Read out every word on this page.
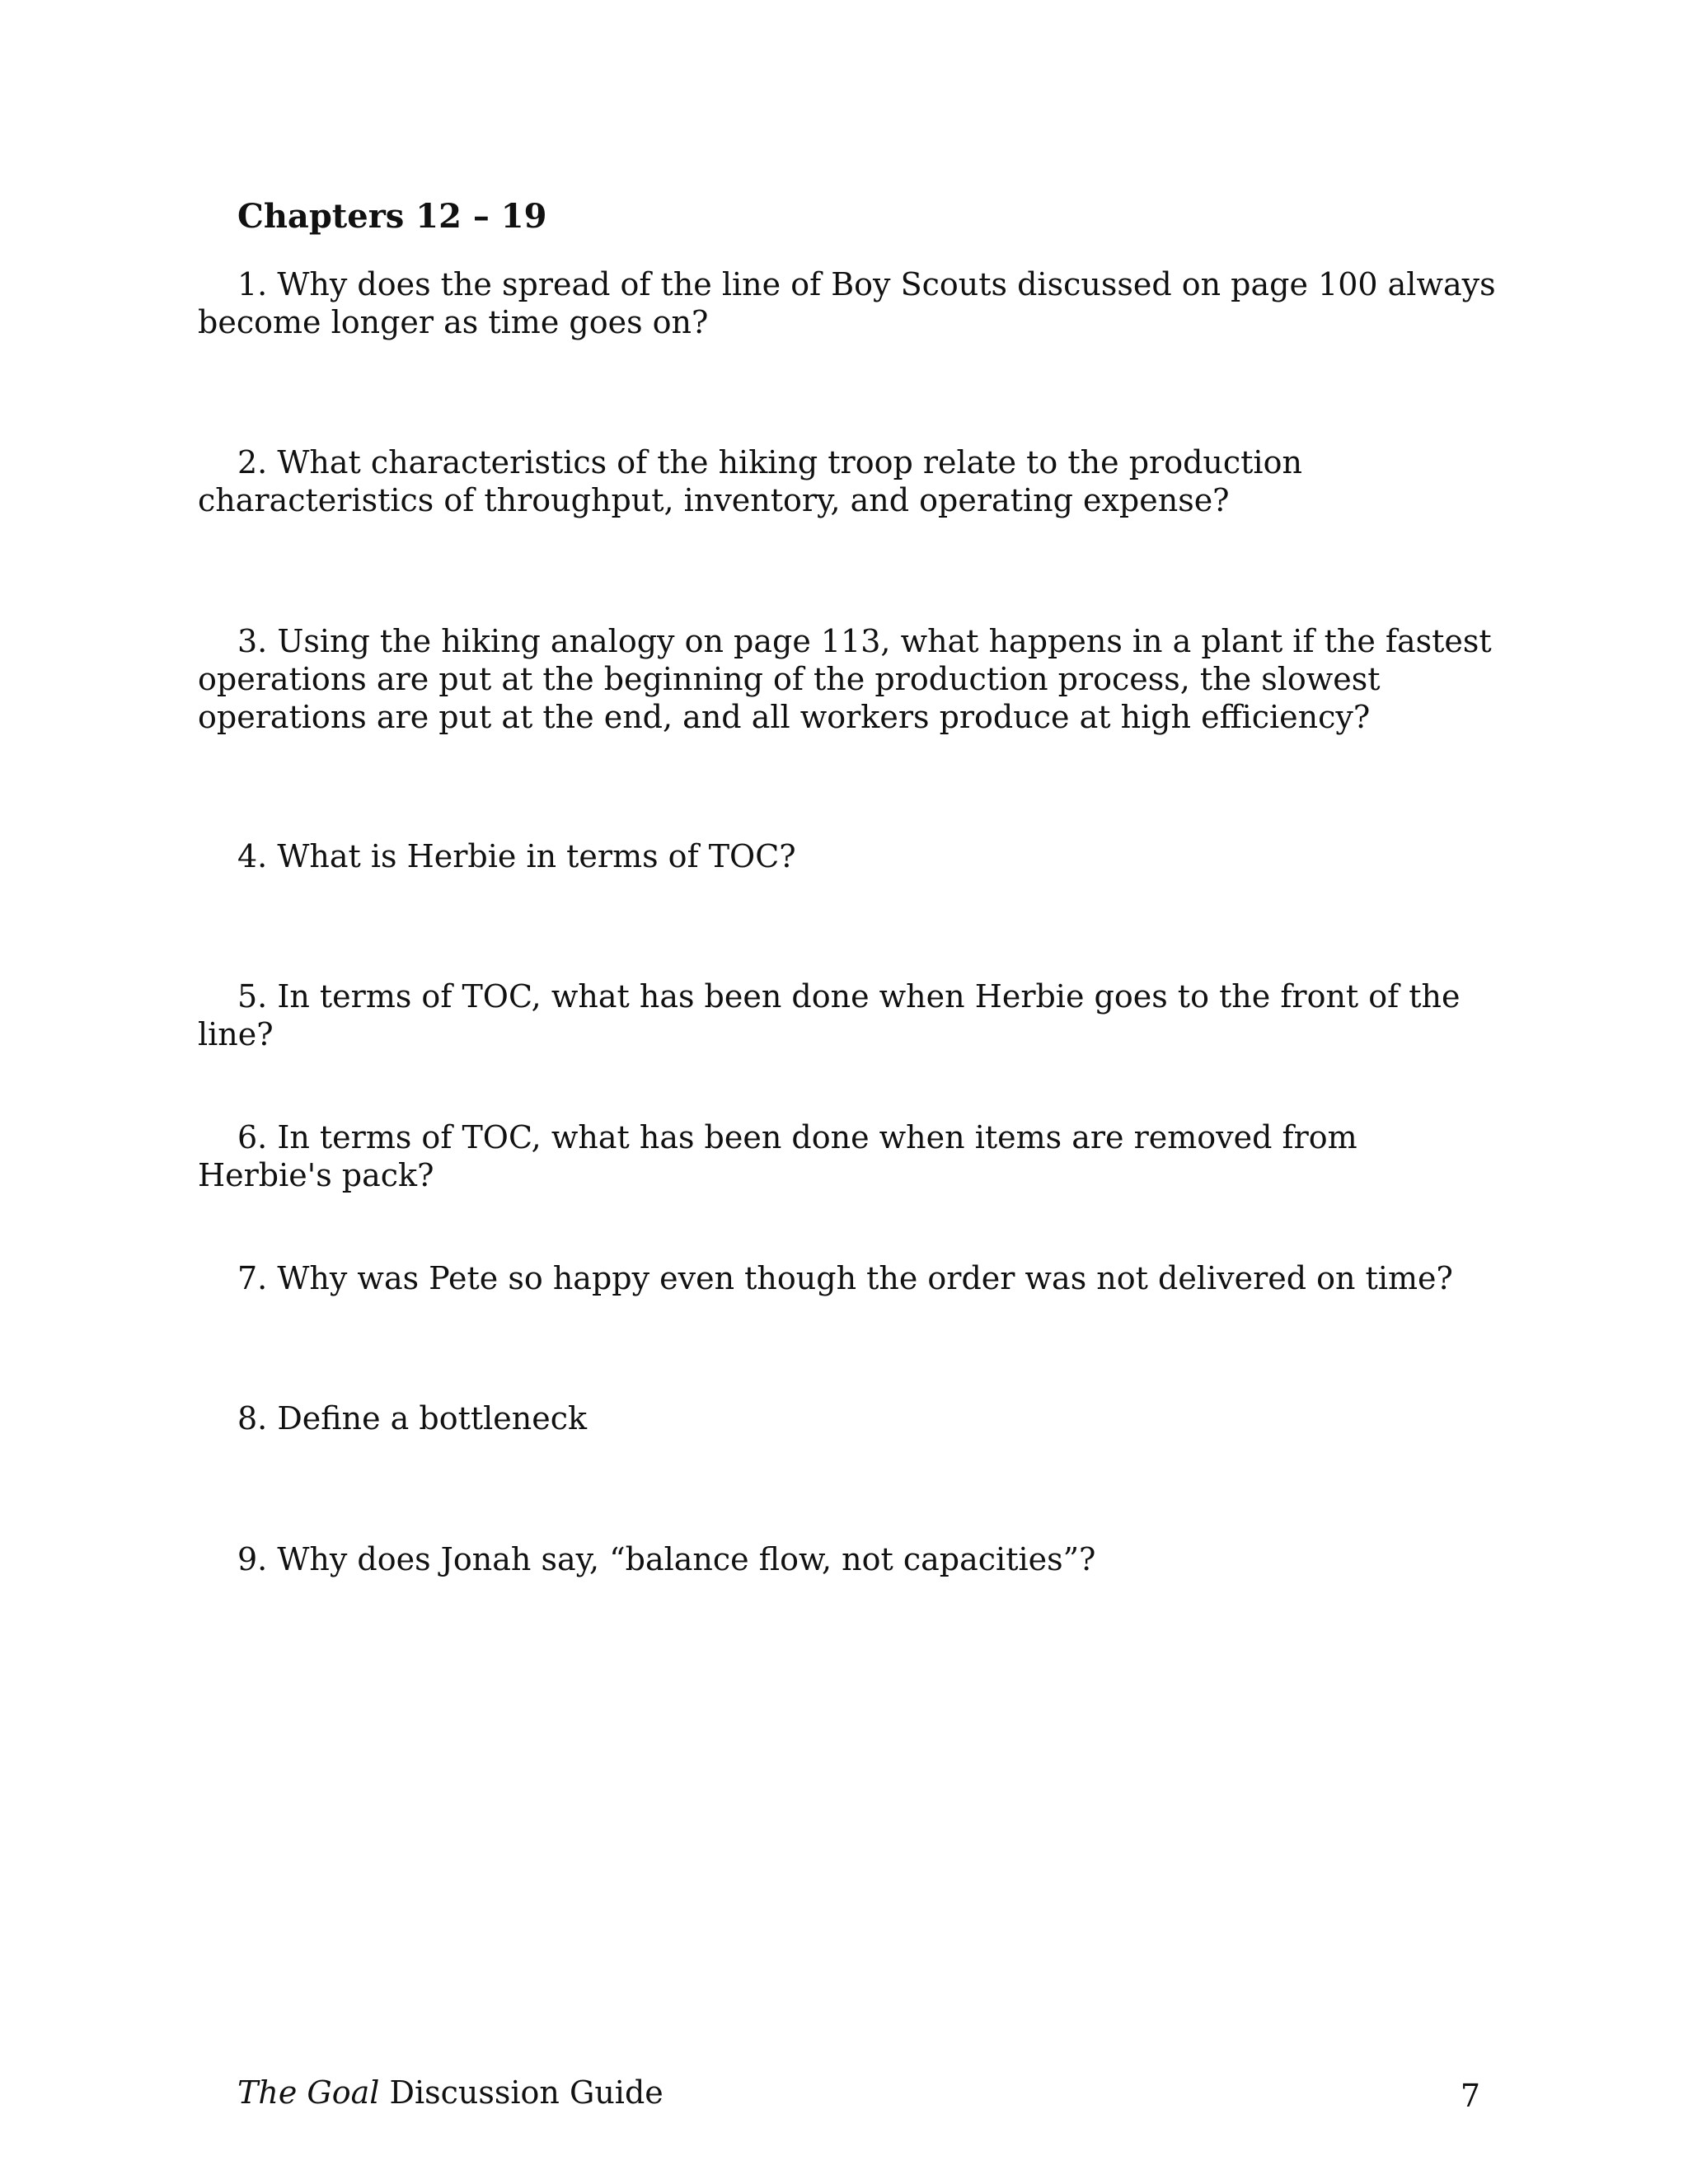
Chapters 12 – 19
1. Why does the spread of the line of Boy Scouts discussed on page 100 always become longer as time goes on?
2. What characteristics of the hiking troop relate to the production characteristics of throughput, inventory, and operating expense?
3. Using the hiking analogy on page 113, what happens in a plant if the fastest operations are put at the beginning of the production process, the slowest operations are put at the end, and all workers produce at high efficiency?
4. What is Herbie in terms of TOC?
5. In terms of TOC, what has been done when Herbie goes to the front of the line?
6. In terms of TOC, what has been done when items are removed from Herbie's pack?
7. Why was Pete so happy even though the order was not delivered on time?
8. Define a bottleneck
9. Why does Jonah say, “balance flow, not capacities”?
The Goal Discussion Guide	7
